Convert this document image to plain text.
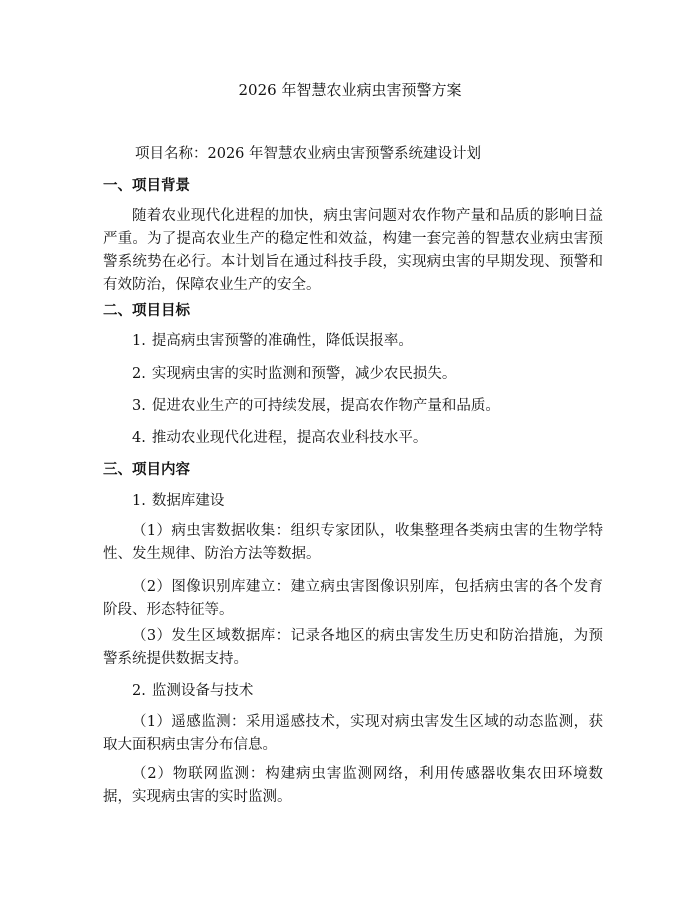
2026 年智慧农业病虫害预警方案
项目名称：2026 年智慧农业病虫害预警系统建设计划
一、项目背景

随着农业现代化进程的加快，病虫害问题对农作物产量和品质的影响日益严重。为了提高农业生产的稳定性和效益，构建一套完善的智慧农业病虫害预警系统势在必行。本计划旨在通过科技手段，实现病虫害的早期发现、预警和有效防治，保障农业生产的安全。

二、项目目标
1. 提高病虫害预警的准确性，降低误报率。
2. 实现病虫害的实时监测和预警，减少农民损失。
3. 促进农业生产的可持续发展，提高农作物产量和品质。
4. 推动农业现代化进程，提高农业科技水平。
三、项目内容
1. 数据库建设

（1）病虫害数据收集：组织专家团队，收集整理各类病虫害的生物学特性、发生规律、防治方法等数据。

（2）图像识别库建立：建立病虫害图像识别库，包括病虫害的各个发育阶段、形态特征等。

（3）发生区域数据库：记录各地区的病虫害发生历史和防治措施，为预警系统提供数据支持。

2. 监测设备与技术

（1）遥感监测：采用遥感技术，实现对病虫害发生区域的动态监测，获取大面积病虫害分布信息。

（2）物联网监测：构建病虫害监测网络，利用传感器收集农田环境数据，实现病虫害的实时监测。
